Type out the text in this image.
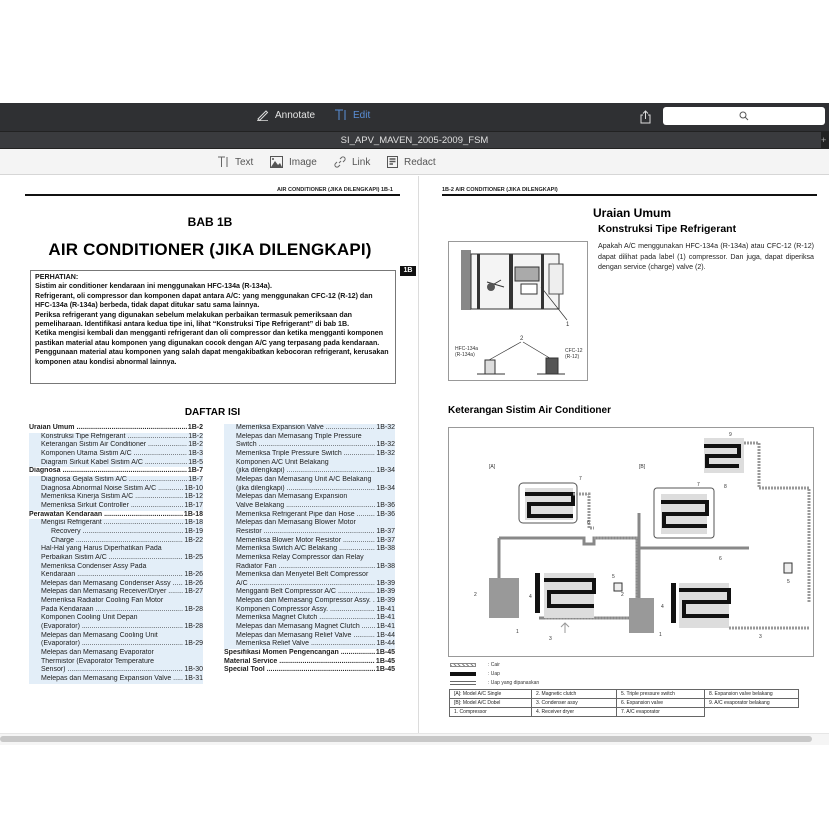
Annotate	Edit
SI_APV_MAVEN_2005-2009_FSM	+
Text	Image	Link	Redact
AIR CONDITIONER (JIKA DILENGKAPI) 1B-1
BAB 1B
AIR CONDITIONER (JIKA DILENGKAPI)
1B

PERHATIAN:

Sistim air conditioner kendaraan ini menggunakan HFC-134a (R-134a).

Refrigerant, oli compressor dan komponen dapat antara A/C: yang menggunakan CFC-12 (R-12) dan HFC-134a (R-134a) berbeda, tidak dapat ditukar satu sama lainnya.

Periksa refrigerant yang digunakan sebelum melakukan perbaikan termasuk pemeriksaan dan pemeliharaan. Identifikasi antara kedua tipe ini, lihat “Konstruksi Tipe Refrigerant” di bab 1B.

Ketika mengisi kembali dan mengganti refrigerant dan oli compressor dan ketika mengganti komponen pastikan material atau komponen yang digunakan cocok dengan A/C yang terpasang pada kendaraan.

Penggunaan material atau komponen yang salah dapat mengakibatkan kebocoran refrigerant, kerusakan komponen atau kondisi abnormal lainnya.

DAFTAR ISI
Uraian Umum .....	1B-2
Konstruksi Tipe Refrigerant .....	1B-2
Keterangan Sistim Air Conditioner .....	1B-2
Komponen Utama Sistim A/C .....	1B-3
Diagram Sirkuit Kabel Sistim A/C .....	1B-5
Diagnosa .....	1B-7
Diagnosa Gejala Sistim A/C .....	1B-7
Diagnosa Abnormal Noise Sistim A/C .....	1B-10
Memeriksa Kinerja Sistim A/C .....	1B-12
Memeriksa Sirkuit Controller .....	1B-17
Perawatan Kendaraan .....	1B-18
Mengisi Refrigerant .....	1B-18
Recovery .....	1B-19
Charge .....	1B-22
Hal-Hal yang Harus Diperhatikan Pada
Perbaikan Sistim A/C .....	1B-25
Memeriksa Condenser Assy Pada
Kendaraan .....	1B-26
Melepas dan Memasang Condenser Assy .....	1B-26
Melepas dan Memasang Receiver/Dryer .....	1B-27
Memeriksa Radiator Cooling Fan Motor
Pada Kendaraan .....	1B-28
Komponen Cooling Unit Depan
(Evaporator) .....	1B-28
Melepas dan Memasang Cooling Unit
(Evaporator) .....	1B-29
Melepas dan Memasang Evaporator
Thermistor (Evaporator Temperature
Sensor) .....	1B-30
Melepas dan Memasang Expansion Valve .....	1B-31
Memeriksa Expansion Valve .....	1B-32
Melepas dan Memasang Triple Pressure
Switch .....	1B-32
Memeriksa Triple Pressure Switch .....	1B-32
Komponen A/C Unit Belakang
(jika dilengkapi) .....	1B-34
Melepas dan Memasang Unit A/C Belakang
(jika dilengkapi) .....	1B-34
Melepas dan Memasang Expansion
Valve Belakang .....	1B-36
Memeriksa Refrigerant Pipe dan Hose .....	1B-36
Melepas dan Memasang Blower Motor
Resistor .....	1B-37
Memeriksa Blower Motor Resistor .....	1B-37
Memeriksa Switch A/C Belakang .....	1B-38
Memeriksa Relay Compressor dan Relay
Radiator Fan .....	1B-38
Memeriksa dan Menyetel Belt Compressor
A/C .....	1B-39
Mengganti Belt Compressor A/C .....	1B-39
Melepas dan Memasang Compressor Assy. ..... 1B-39
Komponen Compressor Assy. .....	1B-41
Memeriksa Magnet Clutch .....	1B-41
Melepas dan Memasang Magnet Clutch .....	1B-41
Melepas dan Memasang Relief Valve .....	1B-44
Memeriksa Relief Valve .....	1B-44
Spesifikasi Momen Pengencangan .....	1B-45
Material Service .....	1B-45
Special Tool .....	1B-45
1B-2 AIR CONDITIONER (JIKA DILENGKAPI)
Uraian Umum
Konstruksi Tipe Refrigerant
Apakah A/C menggunakan HFC-134a (R-134a) atau CFC-12 (R-12) dapat dilihat pada label (1) compressor. Dan juga, dapat diperiksa dengan service (charge) valve (2).
1
2
HFC-134a
(R-134a)
CFC-12
(R-12)
Keterangan Sistim Air Conditioner
[A]	[B]
2	4
5
6
7
1
3
9
8
5
6
7
4
2
1	3
: Cair
: Uap
: Uap yang dipanaskan
[A]: Model A/C Single	2. Magnetic clutch	5. Triple pressure switch	8. Expansion valve belakang
[B]: Model A/C Dobel	3. Condenser assy	6. Expansion valve	9. A/C evaporator belakang
1. Compressor	4. Receiver dryer	7. A/C evaporator	
